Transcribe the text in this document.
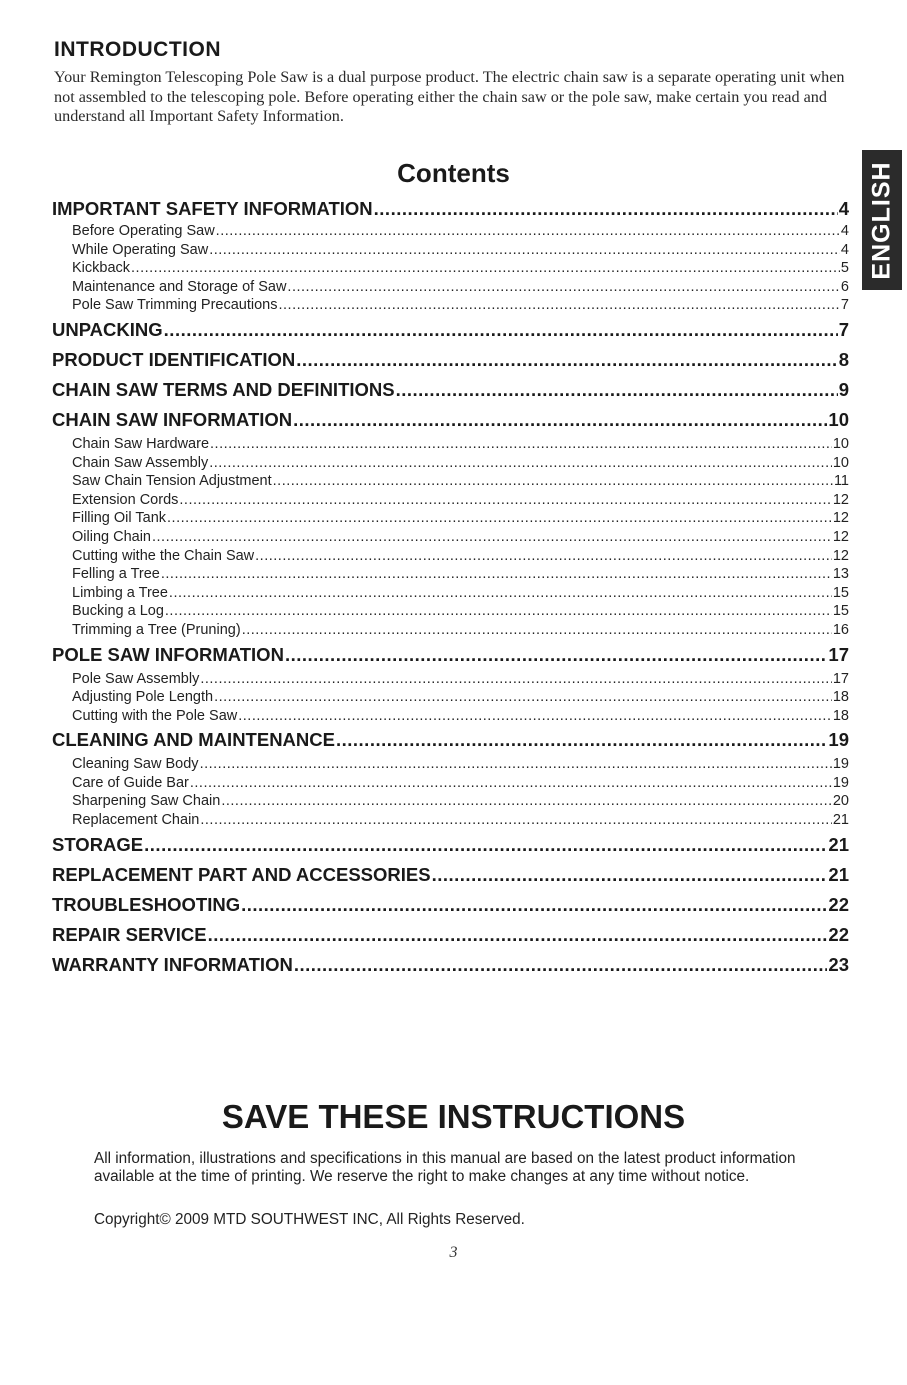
INTRODUCTION

Your Remington Telescoping Pole Saw is a dual purpose product. The electric chain saw is a separate operating unit when not assembled to the telescoping pole. Before operating either the chain saw or the pole saw, make certain you read and understand all Important Safety Information.

Contents	ENGLISH
IMPORTANT SAFETY INFORMATION .....	4
Before Operating Saw .....	4
While Operating Saw .....	4
Kickback .....	5
Maintenance and Storage of Saw .....	6
Pole Saw Trimming Precautions .....	7
UNPACKING .....	7
PRODUCT IDENTIFICATION .....	8
CHAIN SAW TERMS AND DEFINITIONS .....	9
CHAIN SAW INFORMATION .....	10
Chain Saw Hardware .....	10
Chain Saw Assembly .....	10
Saw Chain Tension Adjustment .....	11
Extension Cords .....	12
Filling Oil Tank .....	12
Oiling Chain .....	12
Cutting withe the Chain Saw .....	12
Felling a Tree .....	13
Limbing a Tree .....	15
Bucking a Log .....	15
Trimming a Tree (Pruning) .....	16
POLE SAW INFORMATION .....	17
Pole Saw Assembly .....	17
Adjusting Pole Length .....	18
Cutting with the Pole Saw .....	18
CLEANING AND MAINTENANCE .....	19
Cleaning Saw Body .....	19
Care of Guide Bar .....	19
Sharpening Saw Chain .....	20
Replacement Chain .....	21
STORAGE .....	21
REPLACEMENT PART AND ACCESSORIES .....	21
TROUBLESHOOTING .....	22
REPAIR SERVICE .....	22
WARRANTY INFORMATION .....	23
SAVE THESE INSTRUCTIONS

All information, illustrations and specifications in this manual are based on the latest product information available at the time of printing. We reserve the right to make changes at any time without notice.

Copyright© 2009 MTD SOUTHWEST INC, All Rights Reserved.

3
